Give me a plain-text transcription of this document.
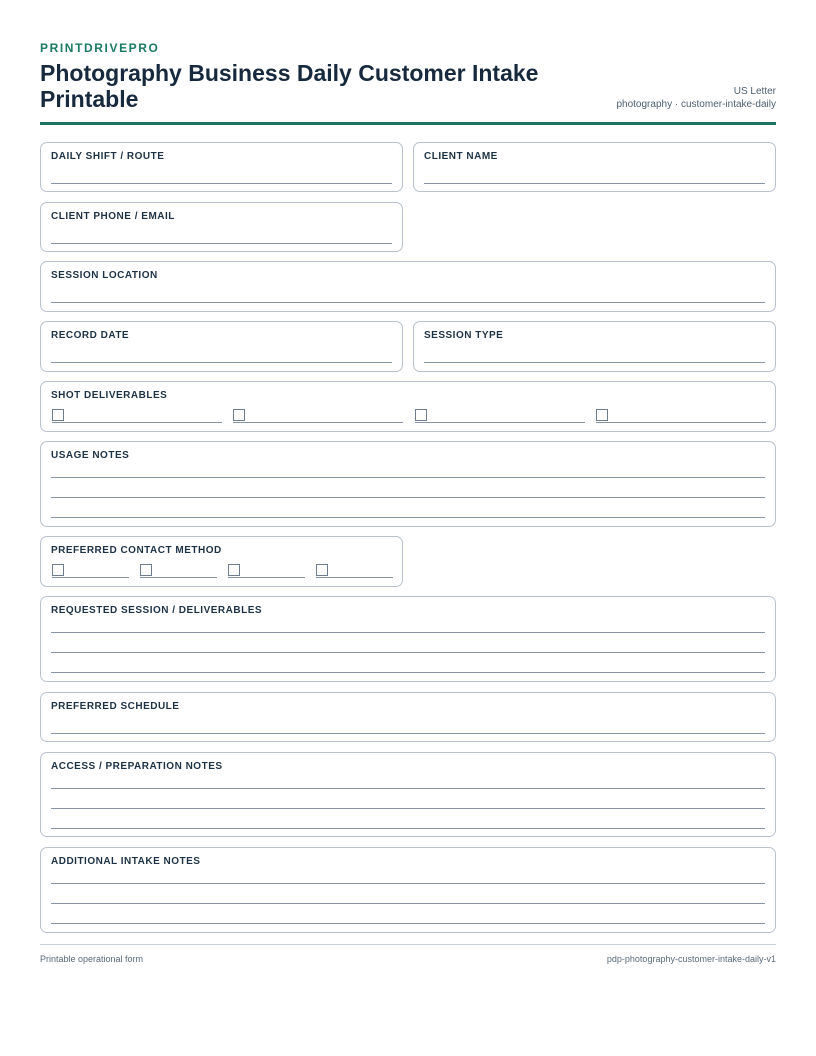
PRINTDRIVEPRO
Photography Business Daily Customer Intake Printable	US Letter
photography · customer-intake-daily
DAILY SHIFT / ROUTE	CLIENT NAME
CLIENT PHONE / EMAIL
SESSION LOCATION
RECORD DATE	SESSION TYPE
SHOT DELIVERABLES
USAGE NOTES
PREFERRED CONTACT METHOD
REQUESTED SESSION / DELIVERABLES
PREFERRED SCHEDULE
ACCESS / PREPARATION NOTES
ADDITIONAL INTAKE NOTES
Printable operational form	pdp-photography-customer-intake-daily-v1
